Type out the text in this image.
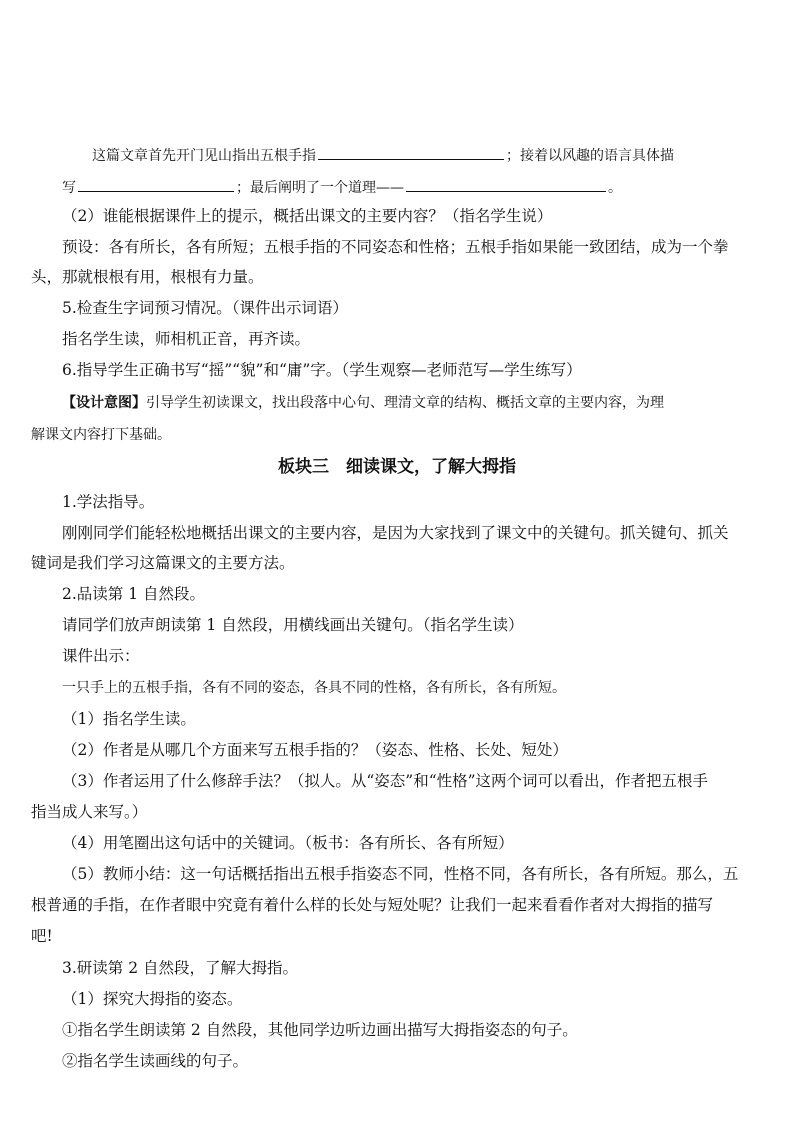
这篇文章首先开门见山指出五根手指	；接着以风趣的语言具体描
写	；最后阐明了一个道理——	。
（2）谁能根据课件上的提示，概括出课文的主要内容？（指名学生说）
预设：各有所长，各有所短；五根手指的不同姿态和性格；五根手指如果能一致团结，成为一个拳
头，那就根根有用，根根有力量。
5.检查生字词预习情况。（课件出示词语）
指名学生读，师相机正音，再齐读。
6.指导学生正确书写“摇”“貌”和“庸”字。（学生观察—老师范写—学生练写）
【设计意图】引导学生初读课文，找出段落中心句、理清文章的结构、概括文章的主要内容，为理
解课文内容打下基础。
板块三　细读课文，了解大拇指
1.学法指导。
刚刚同学们能轻松地概括出课文的主要内容，是因为大家找到了课文中的关键句。抓关键句、抓关
键词是我们学习这篇课文的主要方法。
2.品读第 1 自然段。
请同学们放声朗读第 1 自然段，用横线画出关键句。（指名学生读）
课件出示：
一只手上的五根手指，各有不同的姿态，各具不同的性格，各有所长，各有所短。
（1）指名学生读。
（2）作者是从哪几个方面来写五根手指的？（姿态、性格、长处、短处）
（3）作者运用了什么修辞手法？（拟人。从“姿态”和“性格”这两个词可以看出，作者把五根手
指当成人来写。）
（4）用笔圈出这句话中的关键词。（板书：各有所长、各有所短）
（5）教师小结：这一句话概括指出五根手指姿态不同，性格不同，各有所长，各有所短。那么，五
根普通的手指，在作者眼中究竟有着什么样的长处与短处呢？让我们一起来看看作者对大拇指的描写
吧!
3.研读第 2 自然段，了解大拇指。
（1）探究大拇指的姿态。
①指名学生朗读第 2 自然段，其他同学边听边画出描写大拇指姿态的句子。
②指名学生读画线的句子。
